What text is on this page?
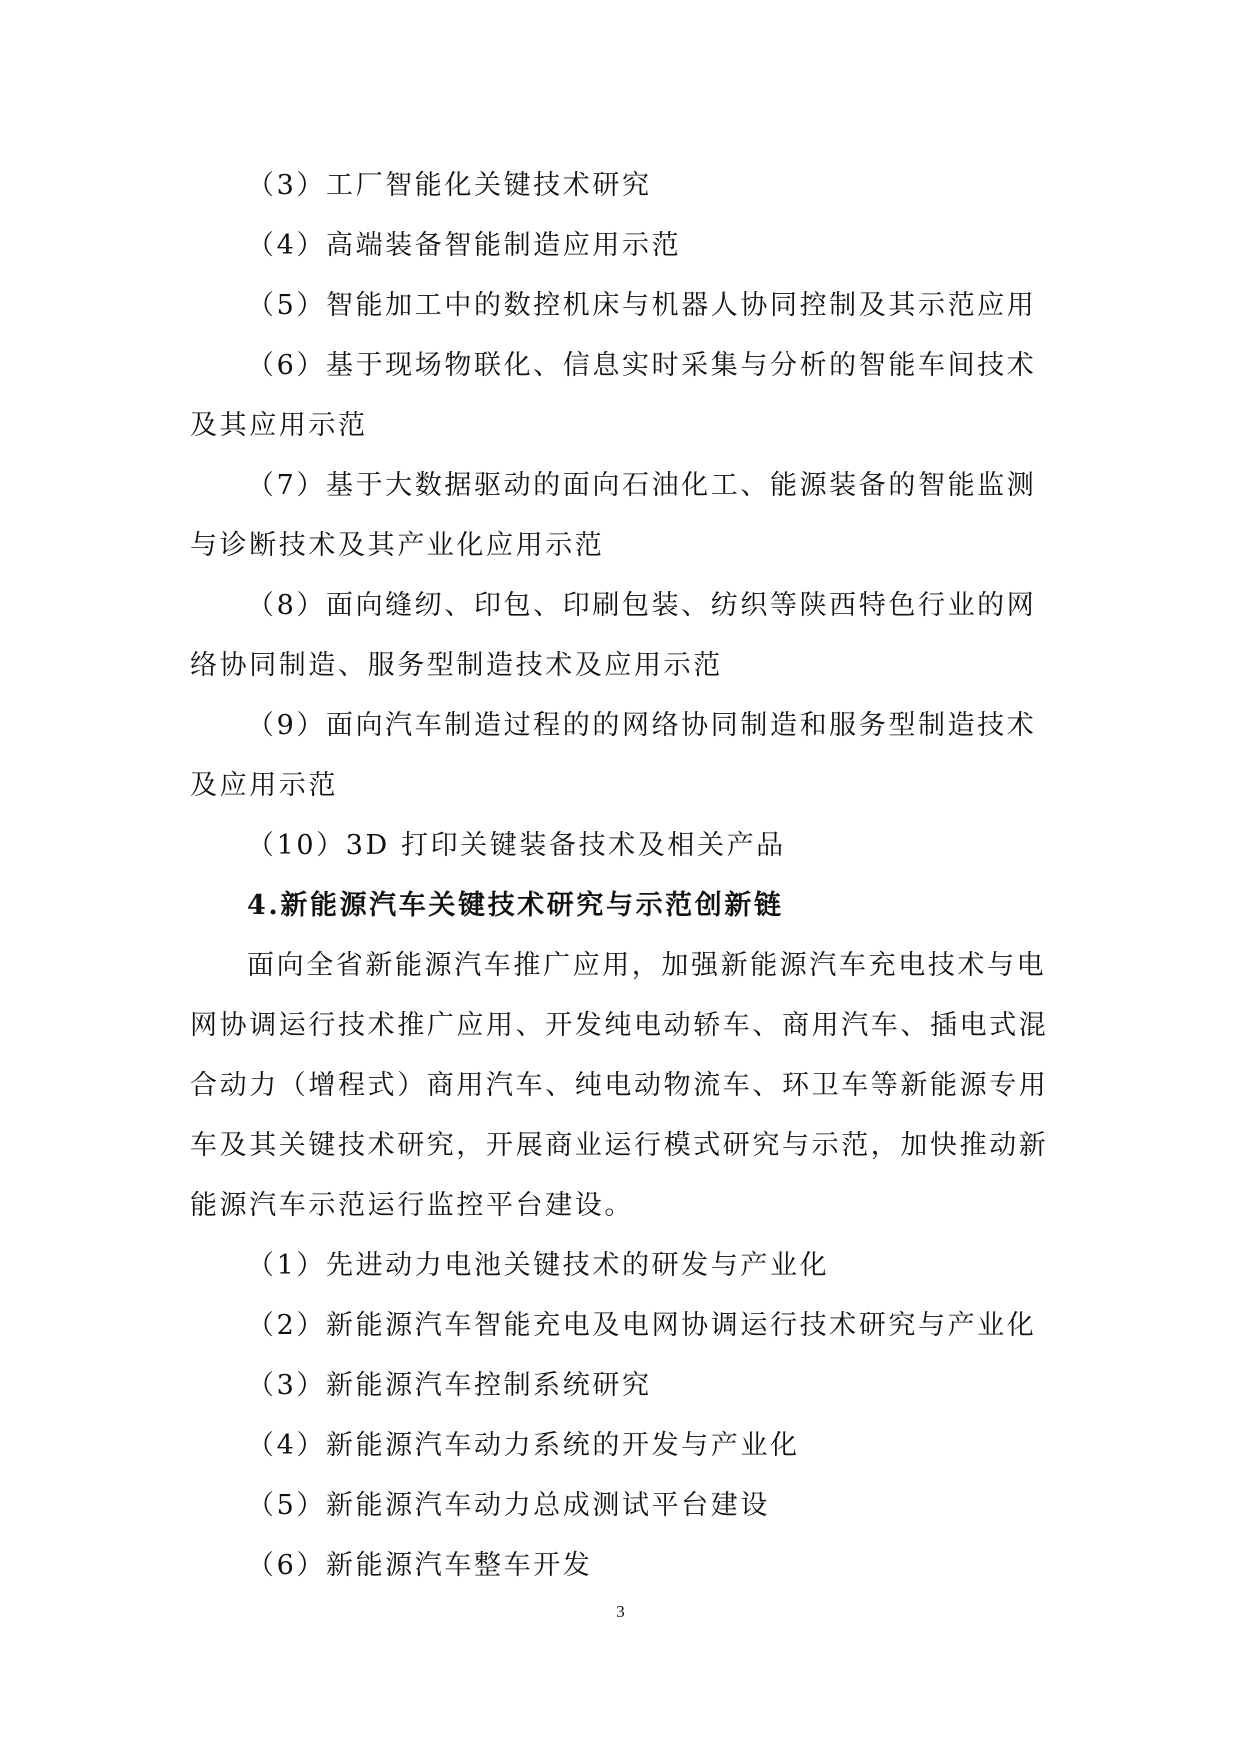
（3）工厂智能化关键技术研究

（4）高端装备智能制造应用示范

（5）智能加工中的数控机床与机器人协同控制及其示范应用

（6）基于现场物联化、信息实时采集与分析的智能车间技术及其应用示范

（7）基于大数据驱动的面向石油化工、能源装备的智能监测与诊断技术及其产业化应用示范

（8）面向缝纫、印包、印刷包装、纺织等陕西特色行业的网络协同制造、服务型制造技术及应用示范

（9）面向汽车制造过程的的网络协同制造和服务型制造技术及应用示范

（10）3D 打印关键装备技术及相关产品

4.新能源汽车关键技术研究与示范创新链

面向全省新能源汽车推广应用，加强新能源汽车充电技术与电网协调运行技术推广应用、开发纯电动轿车、商用汽车、插电式混合动力（增程式）商用汽车、纯电动物流车、环卫车等新能源专用车及其关键技术研究，开展商业运行模式研究与示范，加快推动新能源汽车示范运行监控平台建设。

（1）先进动力电池关键技术的研发与产业化

（2）新能源汽车智能充电及电网协调运行技术研究与产业化

（3）新能源汽车控制系统研究

（4）新能源汽车动力系统的开发与产业化

（5）新能源汽车动力总成测试平台建设

（6）新能源汽车整车开发

3
